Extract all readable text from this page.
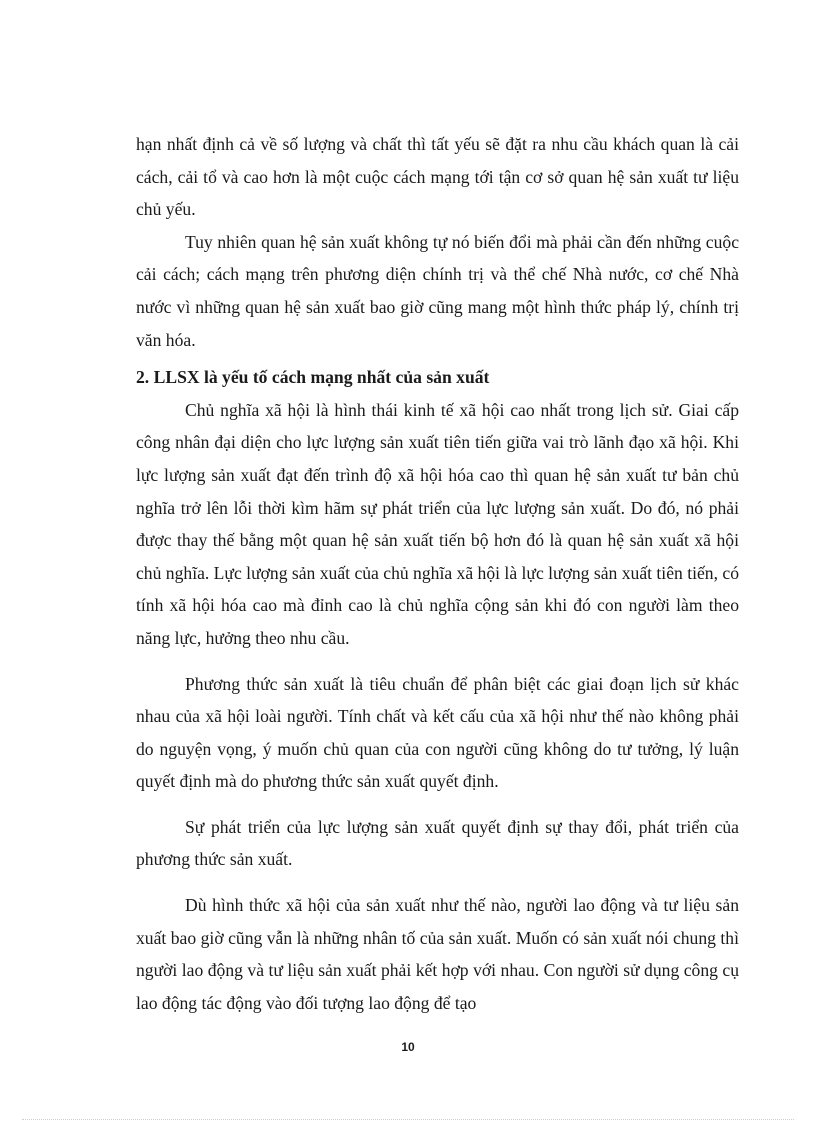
hạn nhất định cả về số lượng và chất thì tất yếu sẽ đặt ra nhu cầu khách quan là cải cách, cải tổ và cao hơn là một cuộc cách mạng tới tận cơ sở quan hệ sản xuất tư liệu chủ yếu.

Tuy nhiên quan hệ sản xuất không tự nó biến đổi mà phải cần đến những cuộc cải cách; cách mạng trên phương diện chính trị và thể chế Nhà nước, cơ chế Nhà nước vì những quan hệ sản xuất bao giờ cũng mang một hình thức pháp lý, chính trị văn hóa.

2. LLSX là yếu tố cách mạng nhất của sản xuất

Chủ nghĩa xã hội là hình thái kinh tế xã hội cao nhất trong lịch sử. Giai cấp công nhân đại diện cho lực lượng sản xuất tiên tiến giữa vai trò lãnh đạo xã hội. Khi lực lượng sản xuất đạt đến trình độ xã hội hóa cao thì quan hệ sản xuất tư bản chủ nghĩa trở lên lỗi thời kìm hãm sự phát triển của lực lượng sản xuất. Do đó, nó phải được thay thế bằng một quan hệ sản xuất tiến bộ hơn đó là quan hệ sản xuất xã hội chủ nghĩa. Lực lượng sản xuất của chủ nghĩa xã hội là lực lượng sản xuất tiên tiến, có tính xã hội hóa cao mà đỉnh cao là chủ nghĩa cộng sản khi đó con người làm theo năng lực, hưởng theo nhu cầu.

Phương thức sản xuất là tiêu chuẩn để phân biệt các giai đoạn lịch sử khác nhau của xã hội loài người. Tính chất và kết cấu của xã hội như thế nào không phải do nguyện vọng, ý muốn chủ quan của con người cũng không do tư tưởng, lý luận quyết định mà do phương thức sản xuất quyết định.

Sự phát triển của lực lượng sản xuất quyết định sự thay đổi, phát triển của phương thức sản xuất.

Dù hình thức xã hội của sản xuất như thế nào, người lao động và tư liệu sản xuất bao giờ cũng vẫn là những nhân tố của sản xuất. Muốn có sản xuất nói chung thì người lao động và tư liệu sản xuất phải kết hợp với nhau. Con người sử dụng công cụ lao động tác động vào đối tượng lao động để tạo

10
